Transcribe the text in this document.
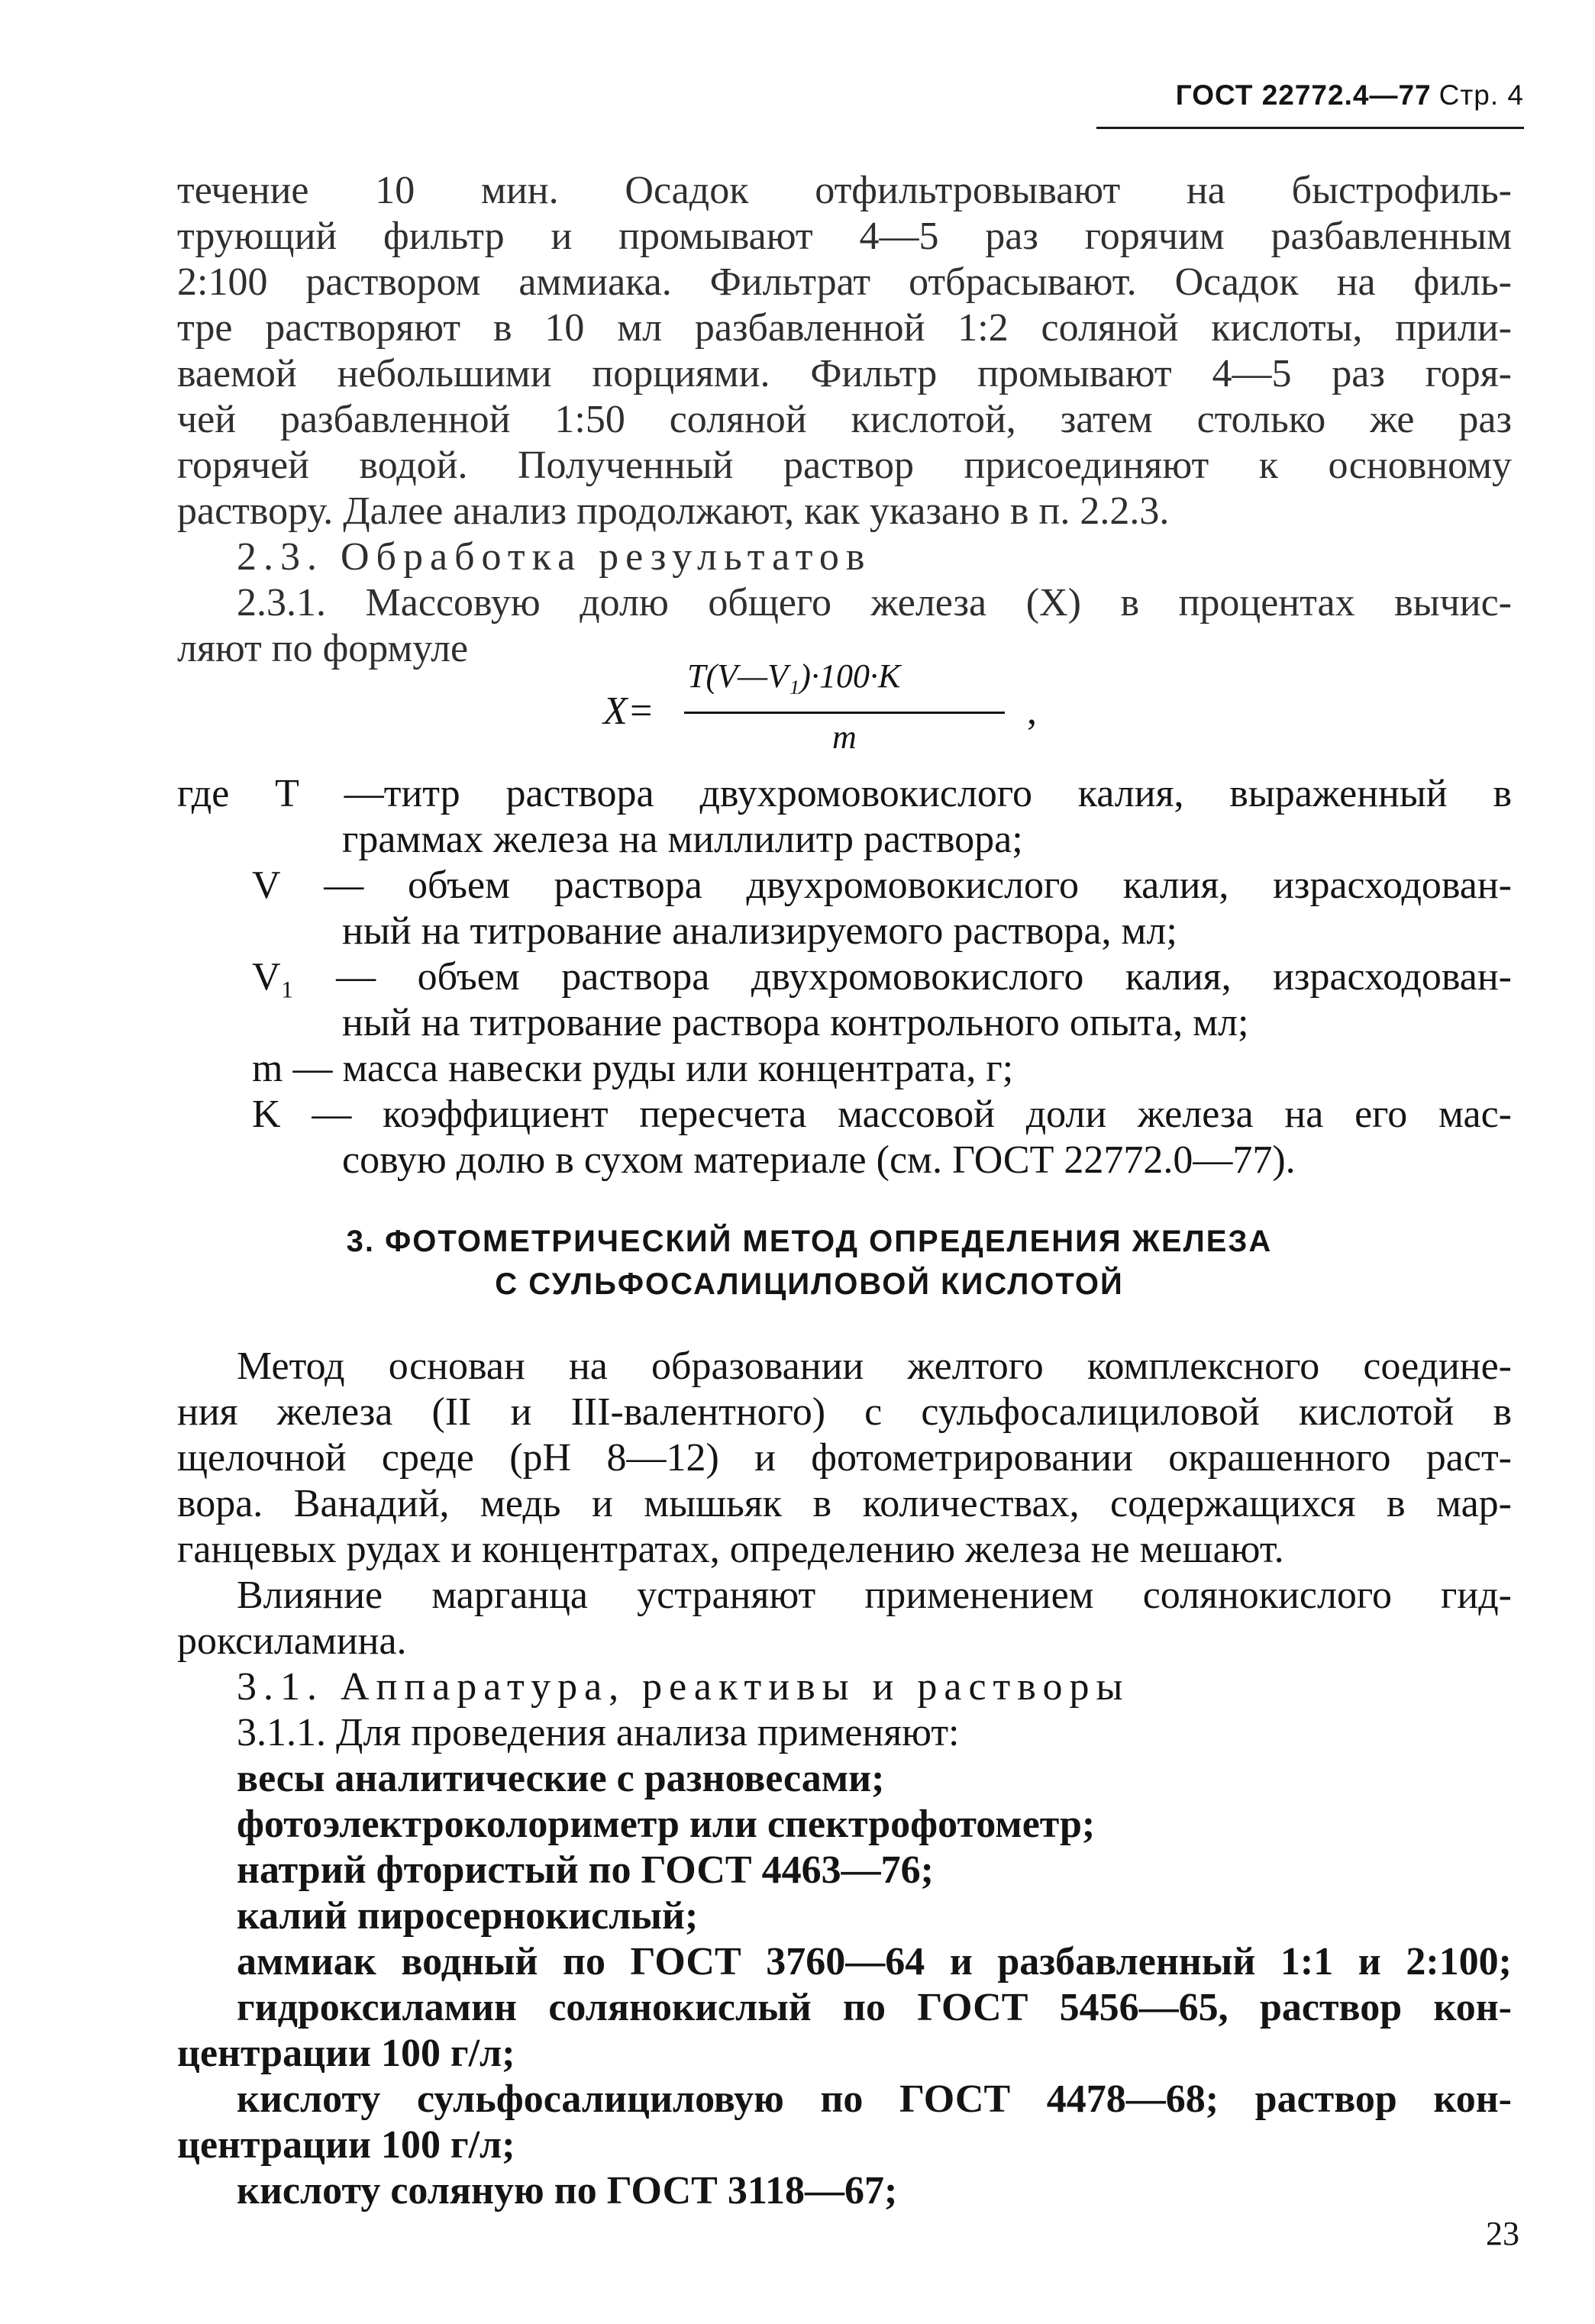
ГОСТ 22772.4—77 Стр. 4
течение 10 мин. Осадок отфильтровывают на быстрофиль-
трующий фильтр и промывают 4—5 раз горячим разбавленным
2:100 раствором аммиака. Фильтрат отбрасывают. Осадок на филь-
тре растворяют в 10 мл разбавленной 1:2 соляной кислоты, прили-
ваемой небольшими порциями. Фильтр промывают 4—5 раз горя-
чей разбавленной 1:50 соляной кислотой, затем столько же раз
горячей водой. Полученный раствор присоединяют к основному
раствору. Далее анализ продолжают, как указано в п. 2.2.3.
2.3. Обработка результатов
2.3.1. Массовую долю общего железа (X) в процентах вычис-
ляют по формуле
X=
T(V—V₁)·100·K
m
,
где T —титр раствора двухромовокислого калия, выраженный в
граммах железа на миллилитр раствора;
V — объем раствора двухромовокислого калия, израсходован-
ный на титрование анализируемого раствора, мл;
V₁ — объем раствора двухромовокислого калия, израсходован-
ный на титрование раствора контрольного опыта, мл;
m — масса навески руды или концентрата, г;
K — коэффициент пересчета массовой доли железа на его мас-
совую долю в сухом материале (см. ГОСТ 22772.0—77).
3. ФОТОМЕТРИЧЕСКИЙ МЕТОД ОПРЕДЕЛЕНИЯ ЖЕЛЕЗА
С СУЛЬФОСАЛИЦИЛОВОЙ КИСЛОТОЙ
Метод основан на образовании желтого комплексного соедине-
ния железа (II и III-валентного) с сульфосалициловой кислотой в
щелочной среде (pH 8—12) и фотометрировании окрашенного раст-
вора. Ванадий, медь и мышьяк в количествах, содержащихся в мар-
ганцевых рудах и концентратах, определению железа не мешают.
Влияние марганца устраняют применением солянокислого гид-
роксиламина.
3.1. Аппаратура, реактивы и растворы
3.1.1. Для проведения анализа применяют:
весы аналитические с разновесами;
фотоэлектроколориметр или спектрофотометр;
натрий фтористый по ГОСТ 4463—76;
калий пиросернокислый;
аммиак водный по ГОСТ 3760—64 и разбавленный 1:1 и 2:100;
гидроксиламин солянокислый по ГОСТ 5456—65, раствор кон-
центрации 100 г/л;
кислоту сульфосалициловую по ГОСТ 4478—68; раствор кон-
центрации 100 г/л;
кислоту соляную по ГОСТ 3118—67;
23
